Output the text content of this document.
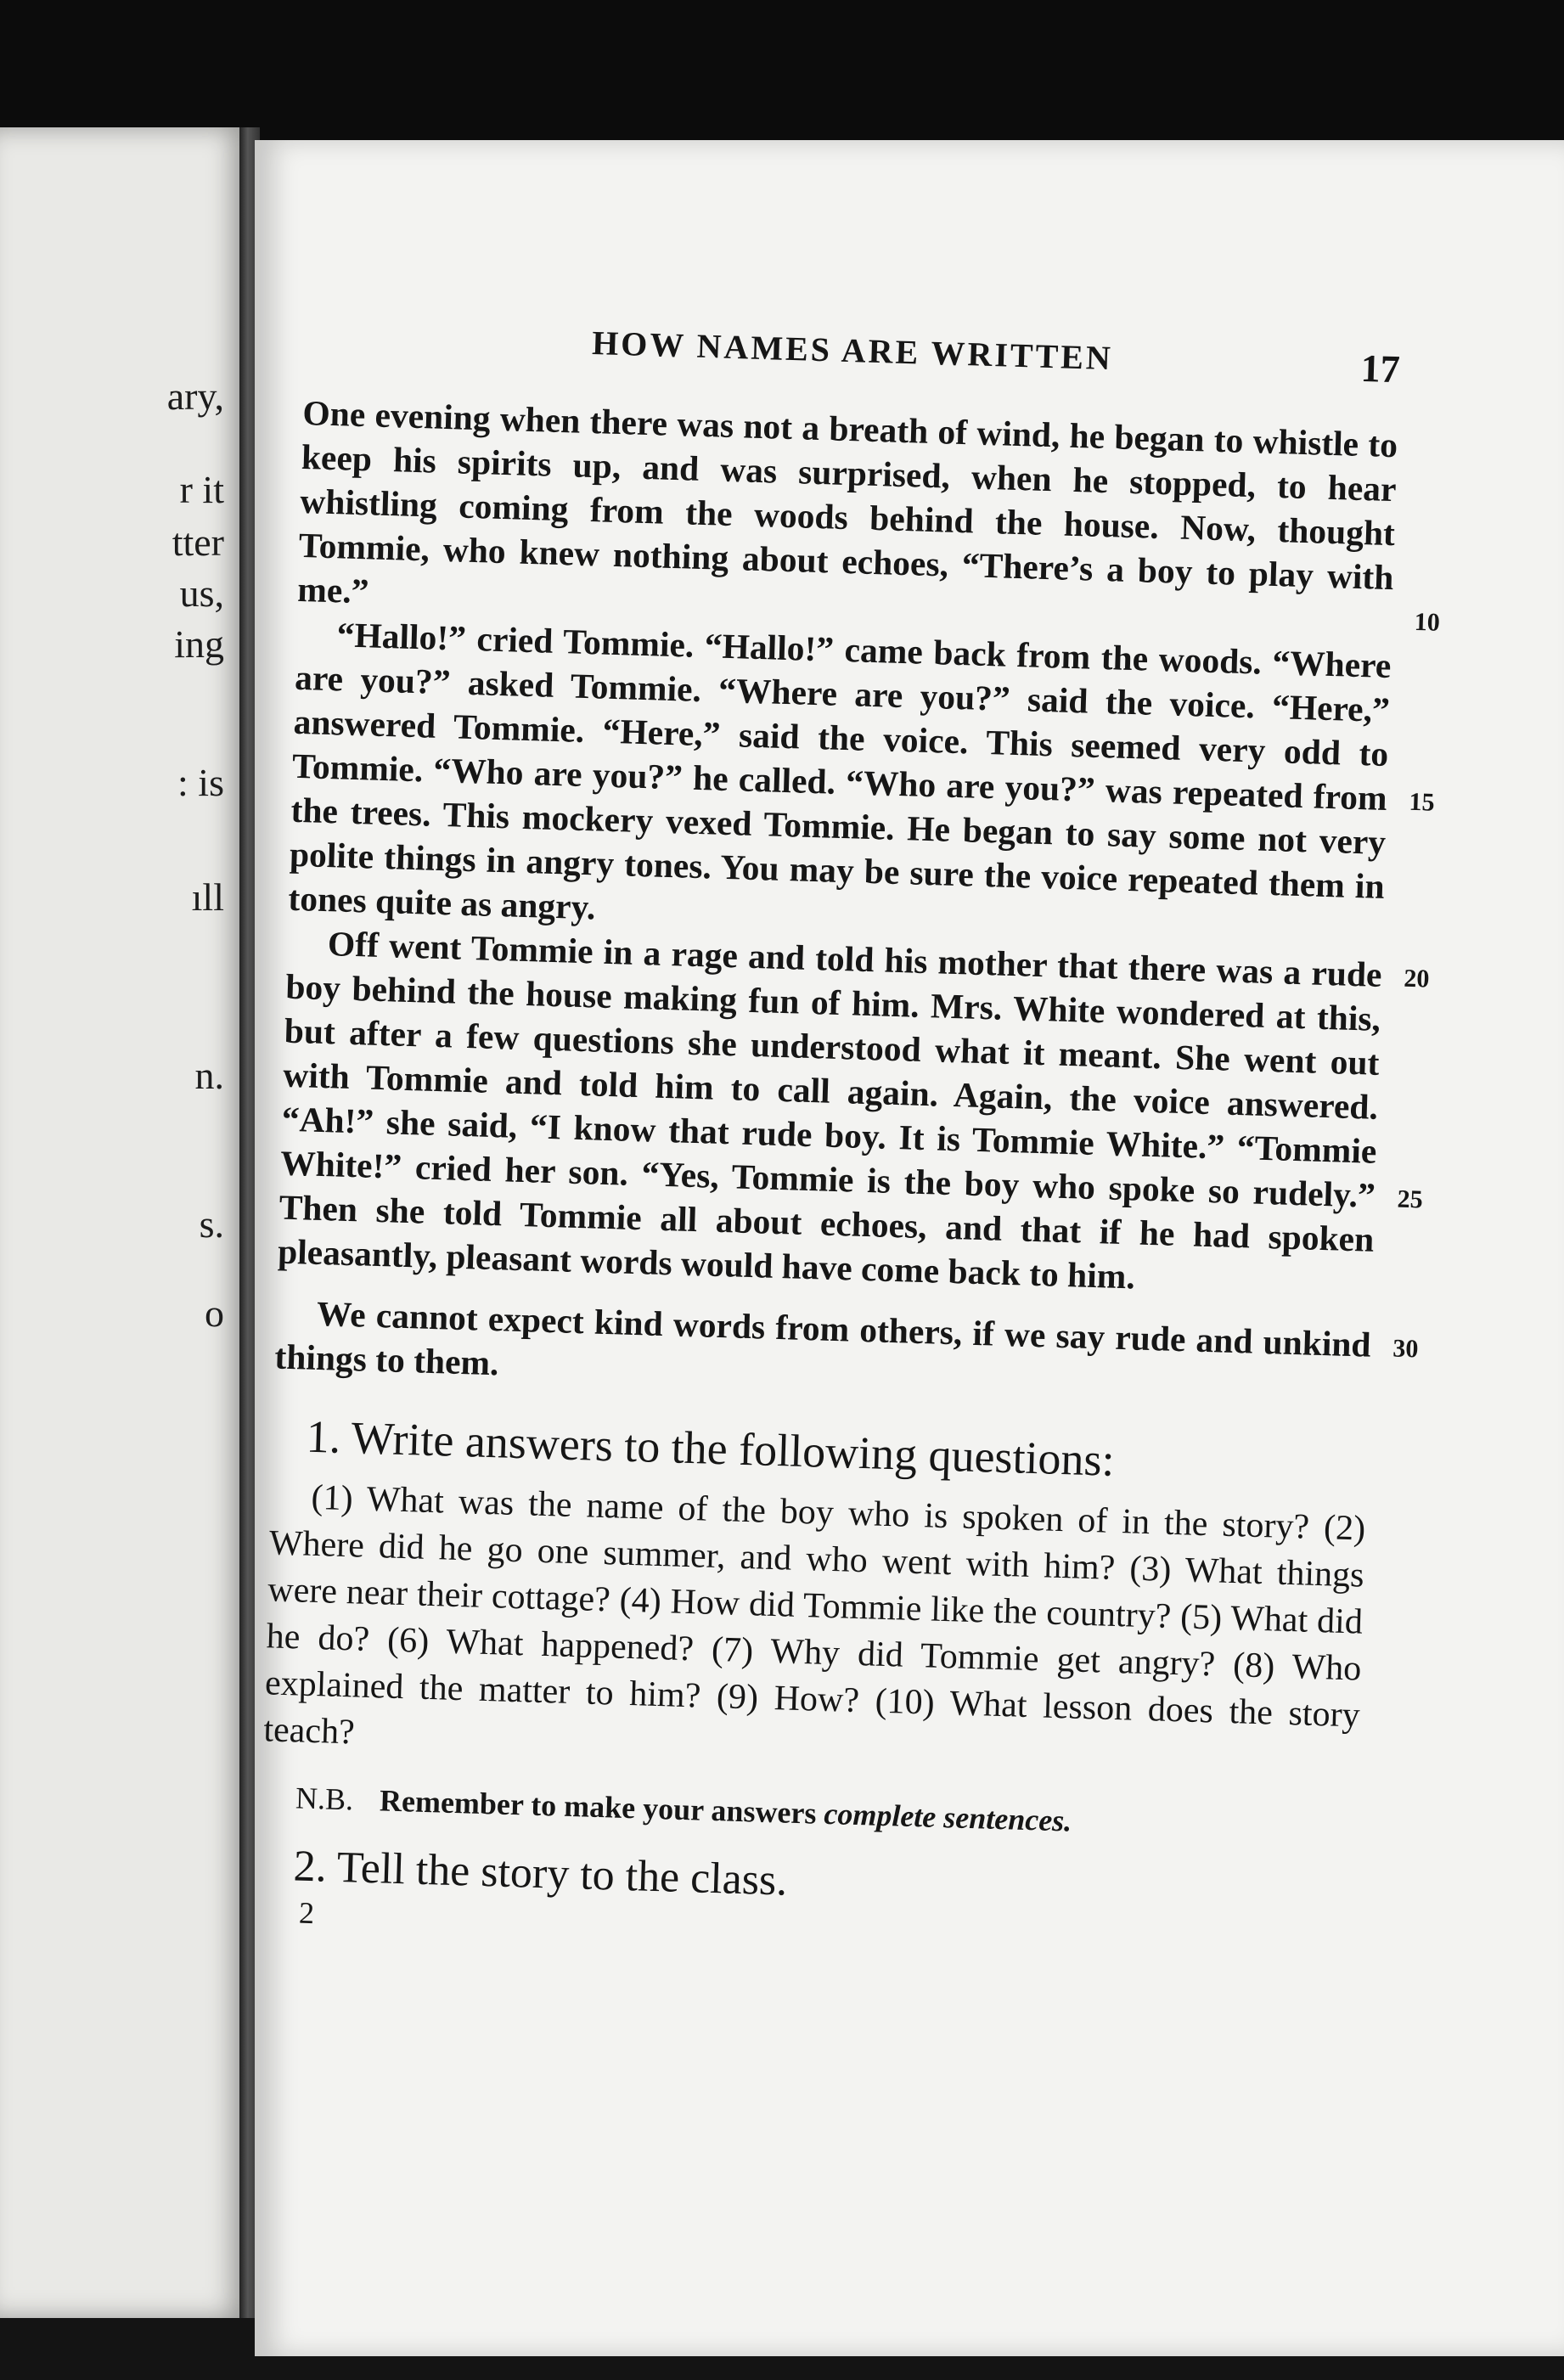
ary,
r it
tter
us,
ing
: is
ıll
n.
s.
o
HOW NAMES ARE WRITTEN	17

One evening when there was not a breath of wind, he began to whistle to keep his spirits up, and was surprised, when he stopped, to hear whistling coming from the woods behind the house. Now, thought Tommie, who knew nothing about echoes, “There’s a boy to play with me.”
10

“Hallo!” cried Tommie. “Hallo!” came back from the woods. “Where are you?” asked Tommie. “Where are you?” said the voice. “Here,” answered Tommie. “Here,” said the voice. This seemed very odd to Tommie. “Who are you?” he called. “Who are you?” was repeated from the trees. This mockery vexed Tommie. He began to say some not very polite things in angry tones. You may be sure the voice repeated them in tones quite as angry.
15

Off went Tommie in a rage and told his mother that there was a rude boy behind the house making fun of him. Mrs. White wondered at this, but after a few questions she understood what it meant. She went out with Tommie and told him to call again. Again, the voice answered. “Ah!” she said, “I know that rude boy. It is Tommie White.” “Tommie White!” cried her son. “Yes, Tommie is the boy who spoke so rudely.” Then she told Tommie all about echoes, and that if he had spoken pleasantly, pleasant words would have come back to him.
20
25

We cannot expect kind words from others, if we say rude and unkind things to them.	30

1. Write answers to the following questions:

(1) What was the name of the boy who is spoken of in the story? (2) Where did he go one summer, and who went with him? (3) What things were near their cottage? (4) How did Tommie like the country? (5) What did he do? (6) What happened? (7) Why did Tommie get angry? (8) Who explained the matter to him? (9) How? (10) What lesson does the story teach?

N.B. Remember to make your answers complete sentences.
2. Tell the story to the class.
2
